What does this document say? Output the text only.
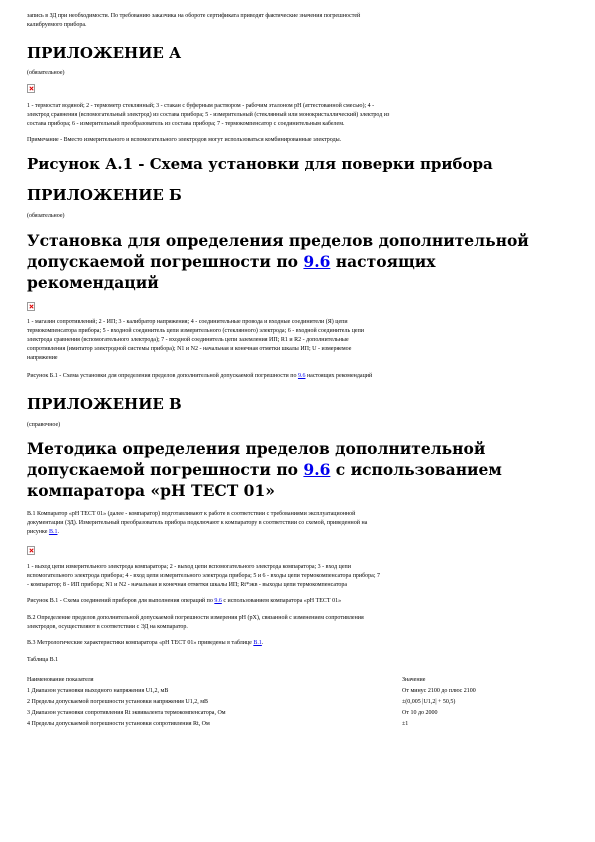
запись в ЗД при необходимости. По требованию заказчика на обороте сертификата приводят фактические значения погрешностей
калибруемого прибора.

ПРИЛОЖЕНИЕ А

(обязательное)

1 - термостат водяной; 2 - термометр стеклянный; 3 - стакан с буферным раствором - рабочим эталоном рН (аттестованной смесью); 4 -
электрод сравнения (вспомогательный электрод) из состава прибора; 5 - измерительный (стеклянный или монокристаллический) электрод из
состава прибора; 6 - измерительный преобразователь из состава прибора; 7 - термокомпенсатор с соединительным кабелем.

Примечание - Вместо измерительного и вспомогательного электродов могут использоваться комбинированные электроды.

Рисунок А.1 - Схема установки для поверки прибора
ПРИЛОЖЕНИЕ Б

(обязательное)

Установка для определения пределов дополнительной
допускаемой погрешности по 9.6 настоящих рекомендаций

1 - магазин сопротивлений; 2 - ИП; 3 - калибратор напряжения; 4 - соединительные провода и входные соединители (Я) цепи
термокомпенсатора прибора; 5 - входной соединитель цепи измерительного (стеклянного) электрода; 6 - входной соединитель цепи
электрода сравнения (вспомогательного электрода); 7 - входной соединитель цепи заземления ИП; R1 и R2 - дополнительные
сопротивления (имитатор электродной системы прибора); N1 и N2 - начальная и конечная отметки шкалы ИП; U - измеряемое
напряжение

Рисунок Б.1 - Схема установки для определения пределов дополнительной допускаемой погрешности по 9.6 настоящих рекомендаций

ПРИЛОЖЕНИЕ В

(справочное)

Методика определения пределов дополнительной
допускаемой погрешности по 9.6 с использованием
компаратора «рН ТЕСТ 01»

В.1 Компаратор «рН ТЕСТ 01» (далее - компаратор) подготавливают к работе в соответствии с требованиями эксплуатационной
документации (ЗД). Измерительный преобразователь прибора подключают к компаратору в соответствии со схемой, приведенной на
рисунке В.1.

1 - выход цепи измерительного электрода компаратора; 2 - выход цепи вспомогательного электрода компаратора; 3 - вход цепи
вспомогательного электрода прибора; 4 - вход цепи измерительного электрода прибора; 5 и 6 - входы цепи термокомпенсатора прибора; 7
- компаратор; 8 - ИП прибора; N1 и N2 - начальная и конечная отметки шкалы ИП; Rt*экв - выходы цепи термокомпенсатора

Рисунок В.1 - Схема соединений приборов для выполнения операций по 9.6 с использованием компаратора «рН ТЕСТ 01»

В.2 Определение пределов дополнительной допускаемой погрешности измерения рН (рХ), связанной с изменением сопротивления
электродов, осуществляют в соответствии с ЭД на компаратор.

В.3 Метрологические характеристики компаратора «рН ТЕСТ 01» приведены в таблице В.1.

Таблица В.1

Наименование показателя	Значение
1 Диапазон установки выходного напряжения U1,2, мВ	От минус 2100 до плюс 2100
2 Пределы допускаемой погрешности установки напряжения U1,2, мВ	±(0,005 |U1,2| + 50,5)
3 Диапазон установки сопротивления Rt эквивалента термокомпенсатора, Ом	От 10 до 2000
4 Пределы допускаемой погрешности установки сопротивления Rt, Ом	±1
